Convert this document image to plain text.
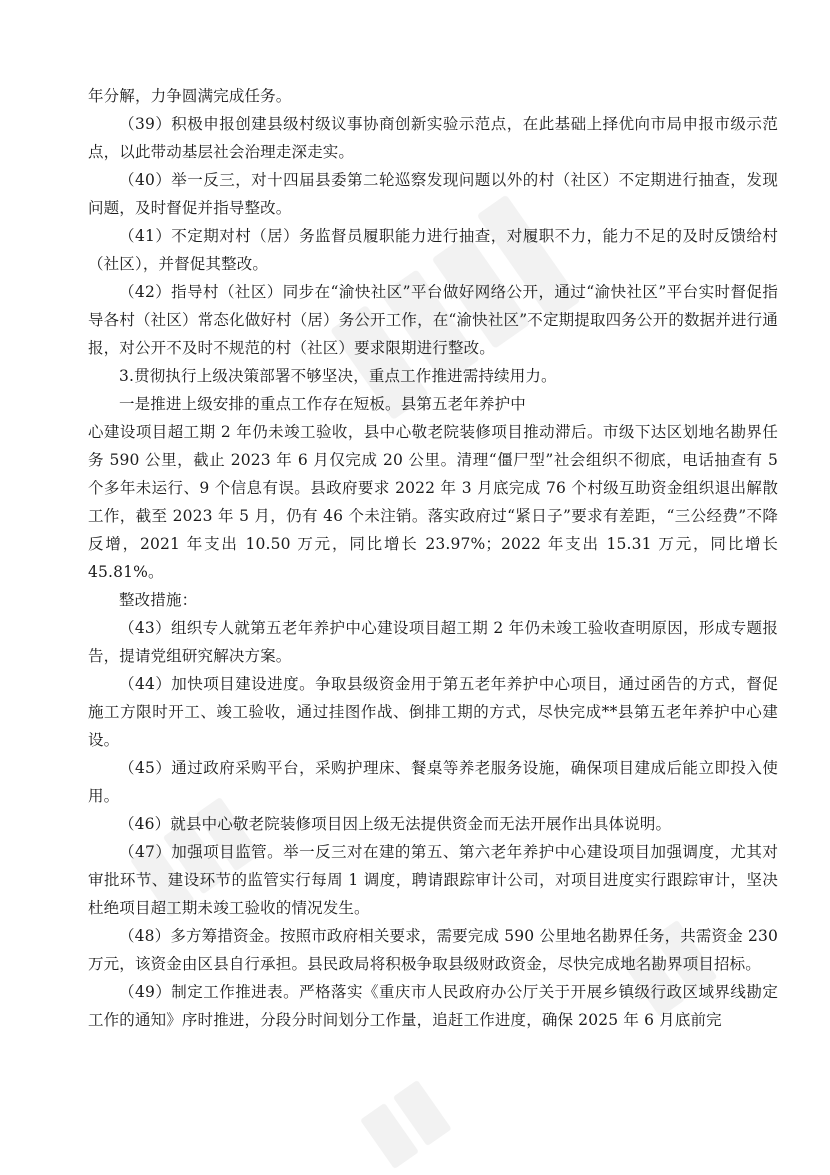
年分解，力争圆满完成任务。

（39）积极申报创建县级村级议事协商创新实验示范点，在此基础上择优向市局申报市级示范点，以此带动基层社会治理走深走实。

（40）举一反三，对十四届县委第二轮巡察发现问题以外的村（社区）不定期进行抽查，发现问题，及时督促并指导整改。

（41）不定期对村（居）务监督员履职能力进行抽查，对履职不力，能力不足的及时反馈给村（社区），并督促其整改。

（42）指导村（社区）同步在“渝快社区”平台做好网络公开，通过“渝快社区”平台实时督促指导各村（社区）常态化做好村（居）务公开工作，在“渝快社区”不定期提取四务公开的数据并进行通报，对公开不及时不规范的村（社区）要求限期进行整改。

3.贯彻执行上级决策部署不够坚决，重点工作推进需持续用力。

一是推进上级安排的重点工作存在短板。县第五老年养护中

心建设项目超工期 2 年仍未竣工验收，县中心敬老院装修项目推动滞后。市级下达区划地名勘界任务 590 公里，截止 2023 年 6 月仅完成 20 公里。清理“僵尸型”社会组织不彻底，电话抽查有 5 个多年未运行、9 个信息有误。县政府要求 2022 年 3 月底完成 76 个村级互助资金组织退出解散工作，截至 2023 年 5 月，仍有 46 个未注销。落实政府过“紧日子”要求有差距，“三公经费”不降反增，2021 年支出 10.50 万元，同比增长 23.97%；2022 年支出 15.31 万元，同比增长 45.81%。

整改措施：

（43）组织专人就第五老年养护中心建设项目超工期 2 年仍未竣工验收查明原因，形成专题报告，提请党组研究解决方案。

（44）加快项目建设进度。争取县级资金用于第五老年养护中心项目，通过函告的方式，督促施工方限时开工、竣工验收，通过挂图作战、倒排工期的方式，尽快完成**县第五老年养护中心建设。

（45）通过政府采购平台，采购护理床、餐桌等养老服务设施，确保项目建成后能立即投入使用。

（46）就县中心敬老院装修项目因上级无法提供资金而无法开展作出具体说明。

（47）加强项目监管。举一反三对在建的第五、第六老年养护中心建设项目加强调度，尤其对审批环节、建设环节的监管实行每周 1 调度，聘请跟踪审计公司，对项目进度实行跟踪审计，坚决杜绝项目超工期未竣工验收的情况发生。

（48）多方筹措资金。按照市政府相关要求，需要完成 590 公里地名勘界任务，共需资金 230 万元，该资金由区县自行承担。县民政局将积极争取县级财政资金，尽快完成地名勘界项目招标。

（49）制定工作推进表。严格落实《重庆市人民政府办公厅关于开展乡镇级行政区域界线勘定工作的通知》序时推进，分段分时间划分工作量，追赶工作进度，确保 2025 年 6 月底前完
